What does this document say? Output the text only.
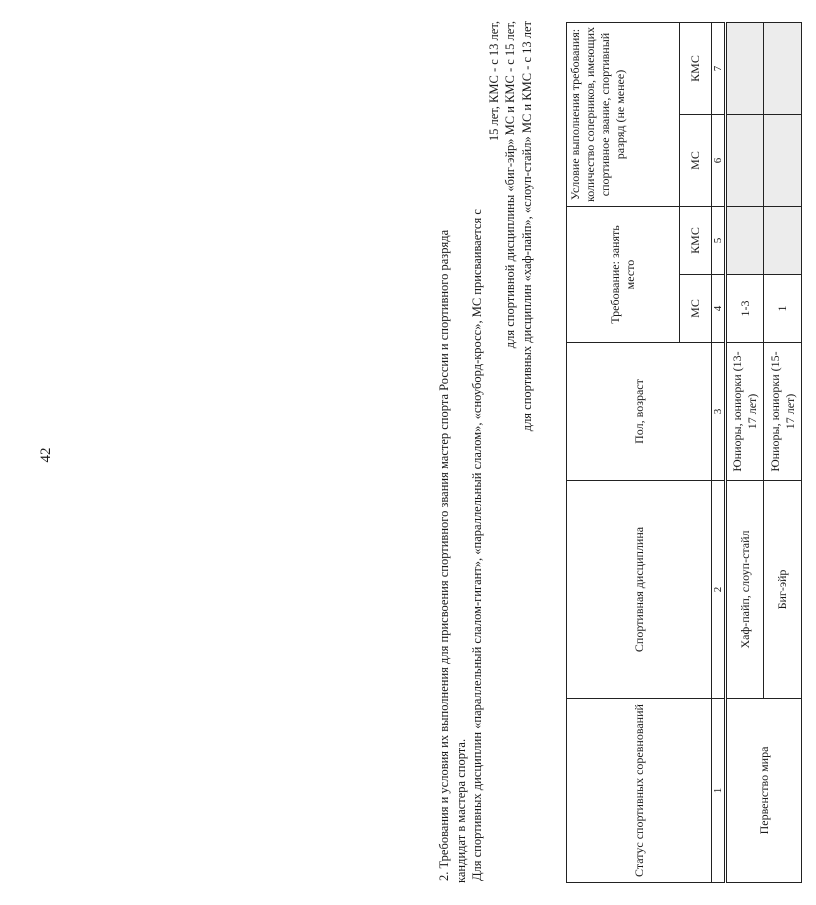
42	2. Требования и условия их выполнения для присвоения спортивного звания мастер спорта России и спортивного разряда кандидат в мастера спорта. Для спортивных дисциплин «параллельный слалом-гигант», «параллельный слалом», «сноуборд-кросс», МС присваивается с

15 лет, КМС - с 13 лет, для спортивной дисциплины «биг-эйр» МС и КМС - с 15 лет, для спортивных дисциплин «хаф-пайп», «слоуп-стайл» МС и КМС - с 13 лет

Статус спортивных соревнований	Спортивная дисциплина	Пол, возраст	Требование: занять место		Условие выполнения требования: количество соперников, имеющих спортивное звание, спортивный разряд (не менее)	
			МС	КМС	МС	КМС
1	2	3	4	5	6	7
Первенство мира	Хаф-пайп, слоуп-стайл	Юниоры, юниорки (13-17 лет)	1-3			
	Биг-эйр	Юниоры, юниорки (15-17 лет)	1			
